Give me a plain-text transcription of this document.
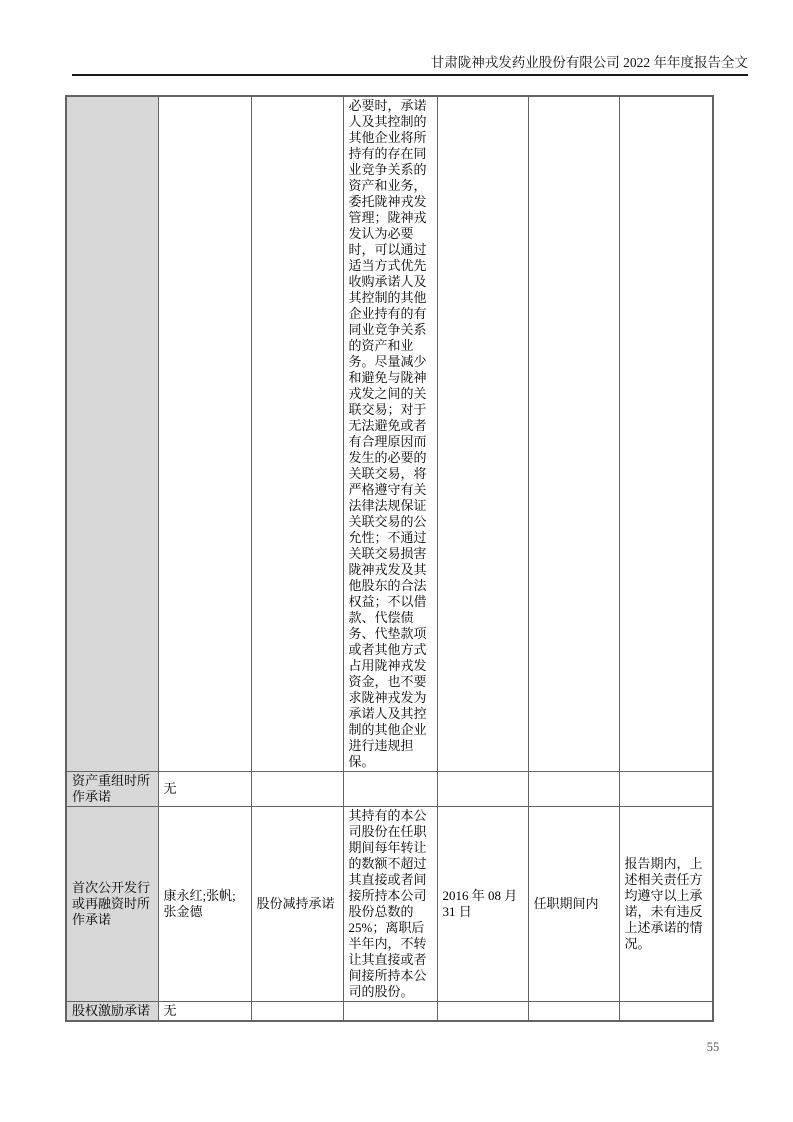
甘肃陇神戎发药业股份有限公司 2022 年年度报告全文
			必要时，承诺人及其控制的其他企业将所持有的存在同业竞争关系的资产和业务，委托陇神戎发管理；陇神戎发认为必要时，可以通过适当方式优先收购承诺人及其控制的其他企业持有的有同业竞争关系的资产和业务。尽量减少和避免与陇神戎发之间的关联交易；对于无法避免或者有合理原因而发生的必要的关联交易，将严格遵守有关法律法规保证关联交易的公允性；不通过关联交易损害陇神戎发及其他股东的合法权益；不以借款、代偿债务、代垫款项或者其他方式占用陇神戎发资金，也不要求陇神戎发为承诺人及其控制的其他企业进行违规担保。			
资产重组时所作承诺	无					
首次公开发行或再融资时所作承诺	康永红;张帆;张金德	股份减持承诺	其持有的本公司股份在任职期间每年转让的数额不超过其直接或者间接所持本公司股份总数的25%；离职后半年内，不转让其直接或者间接所持本公司的股份。	2016 年 08 月 31 日	任职期间内	报告期内，上述相关责任方均遵守以上承诺，未有违反上述承诺的情况。
股权激励承诺	无					
55
